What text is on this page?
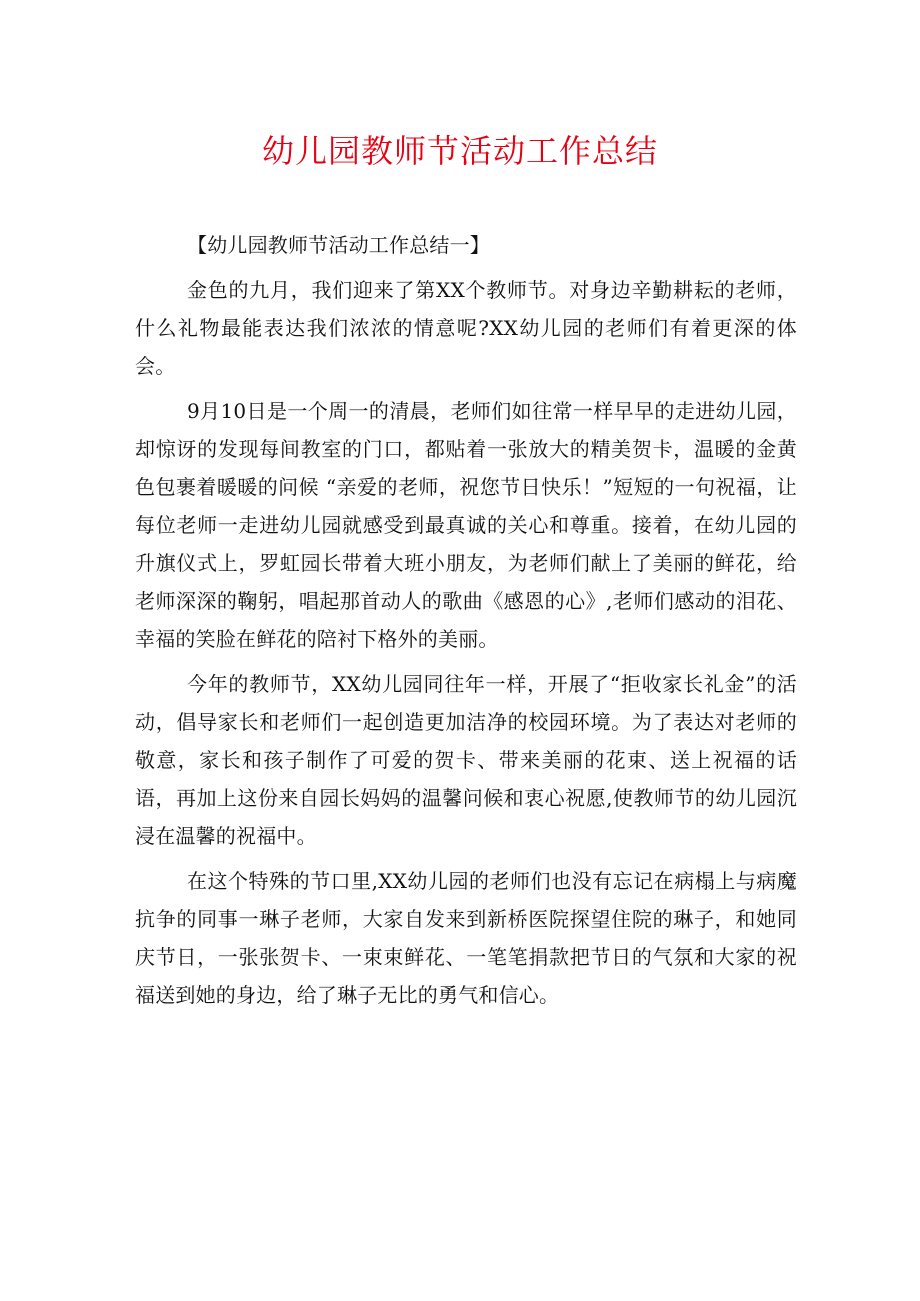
幼儿园教师节活动工作总结
【幼儿园教师节活动工作总结一】

金色的九月，我们迎来了第XX个教师节。对身边辛勤耕耘的老师，什么礼物最能表达我们浓浓的情意呢?XX幼儿园的老师们有着更深的体会。

9月10日是一个周一的清晨，老师们如往常一样早早的走进幼儿园，却惊讶的发现每间教室的门口，都贴着一张放大的精美贺卡，温暖的金黄色包裹着暖暖的问候 “亲爱的老师，祝您节日快乐！”短短的一句祝福，让每位老师一走进幼儿园就感受到最真诚的关心和尊重。接着，在幼儿园的升旗仪式上，罗虹园长带着大班小朋友，为老师们献上了美丽的鲜花，给老师深深的鞠躬，唱起那首动人的歌曲《感恩的心》,老师们感动的泪花、幸福的笑脸在鲜花的陪衬下格外的美丽。

今年的教师节，XX幼儿园同往年一样，开展了“拒收家长礼金”的活动，倡导家长和老师们一起创造更加洁净的校园环境。为了表达对老师的敬意，家长和孩子制作了可爱的贺卡、带来美丽的花束、送上祝福的话语，再加上这份来自园长妈妈的温馨问候和衷心祝愿,使教师节的幼儿园沉浸在温馨的祝福中。

在这个特殊的节口里,XX幼儿园的老师们也没有忘记在病榻上与病魔抗争的同事一琳子老师，大家自发来到新桥医院探望住院的琳子，和她同庆节日，一张张贺卡、一束束鲜花、一笔笔捐款把节日的气氛和大家的祝福送到她的身边，给了琳子无比的勇气和信心。
